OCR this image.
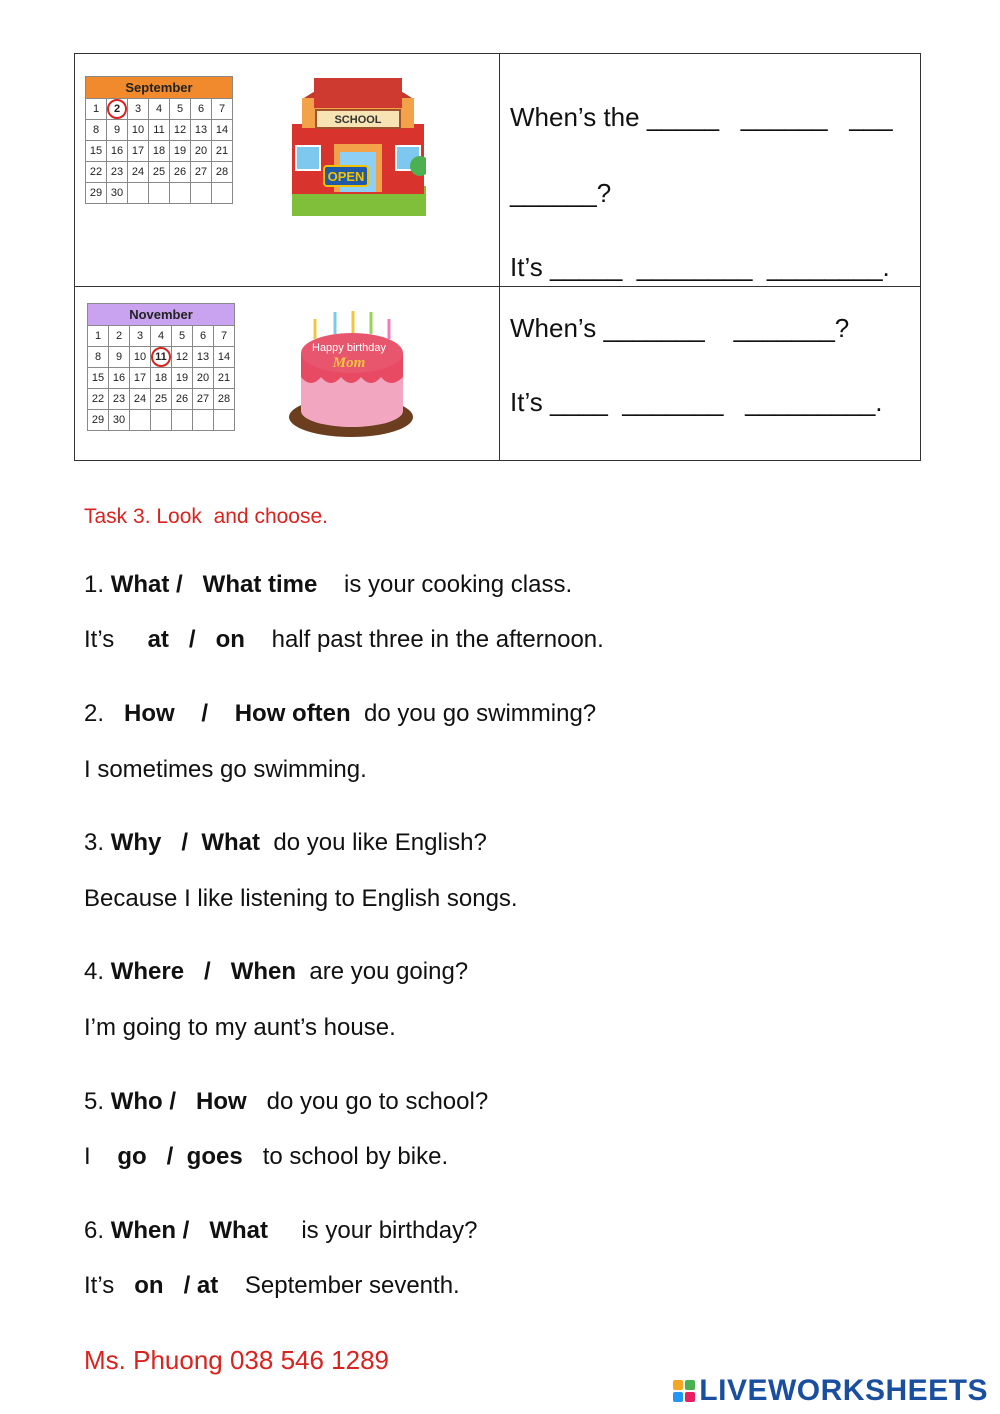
September
1	2	3	4	5	6	7
8	9	10	11	12	13	14
15	16	17	18	19	20	21
22	23	24	25	26	27	28
29	30					
SCHOOL
OPEN

When’s the _____   ______   ___

______?

It’s _____  ________  ________.

November
1	2	3	4	5	6	7
8	9	10	11	12	13	14
15	16	17	18	19	20	21
22	23	24	25	26	27	28
29	30					
Happy birthday
Mom

When’s _______    _______?

It’s ____  _______   _________.

Task 3. Look  and choose.

1. What /   What time    is your cooking class.

It’s     at   /   on    half past three in the afternoon.

2.   How    /    How often  do you go swimming?

I sometimes go swimming.

3. Why   /  What  do you like English?

Because I like listening to English songs.

4. Where   /   When  are you going?

I’m going to my aunt’s house.

5. Who /   How   do you go to school?

I    go   /  goes   to school by bike.

6. When /   What     is your birthday?

It’s   on   / at    September seventh.

Ms. Phuong 038 546 1289

LIVEWORKSHEETS
